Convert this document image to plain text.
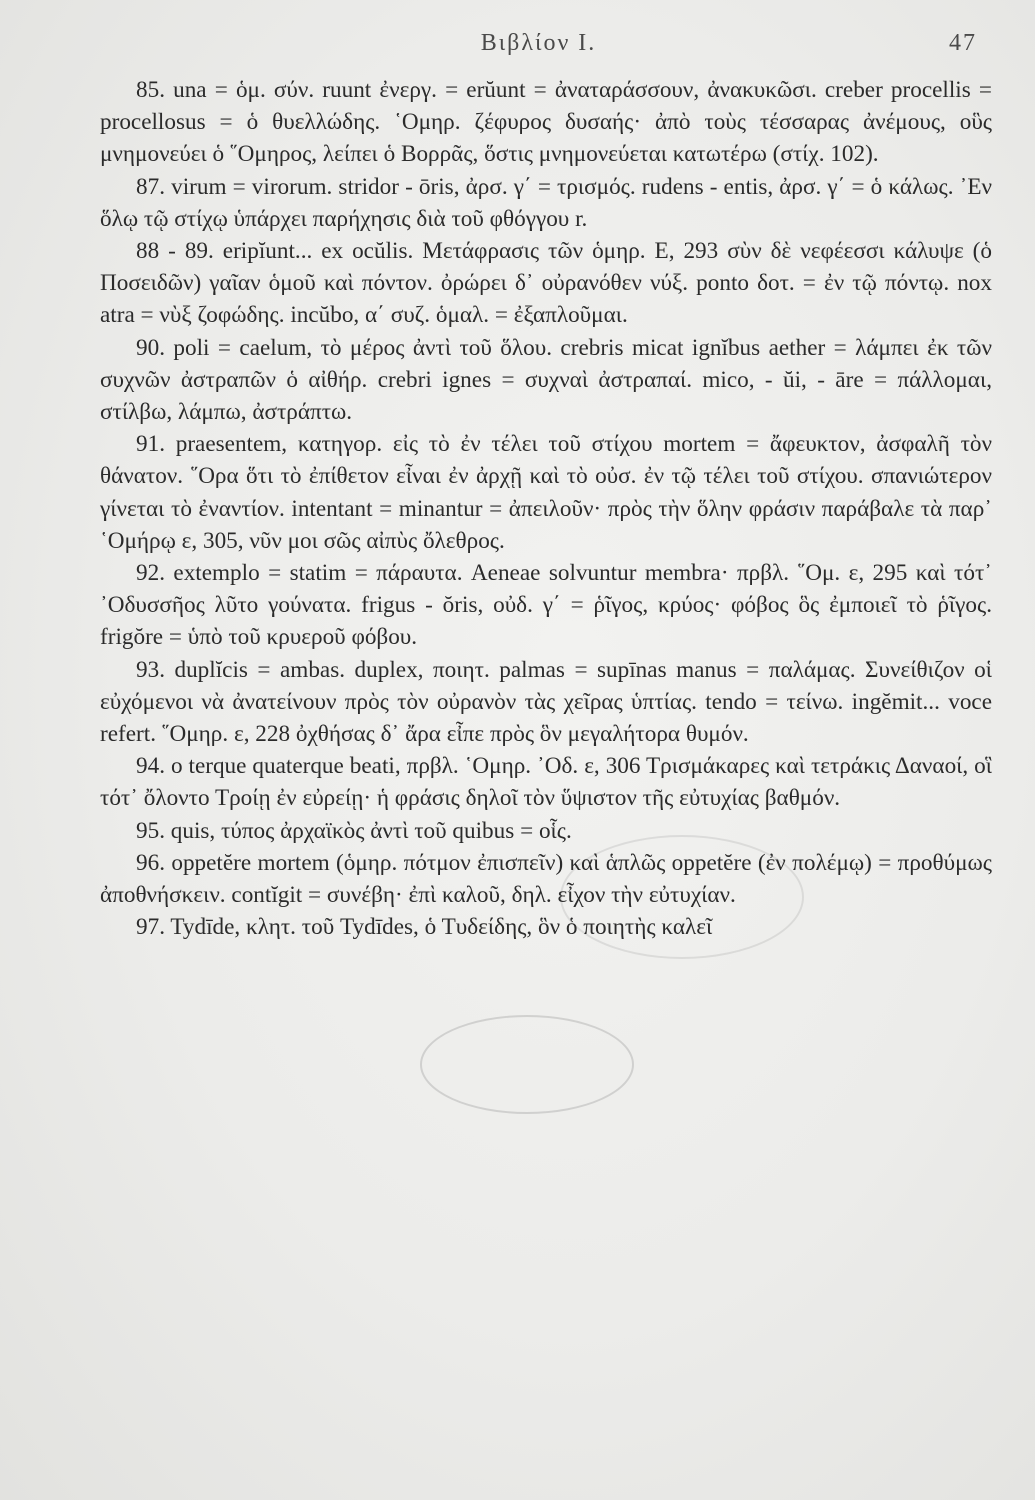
Βιβλίον Ι.	47

85. una = ὁμ. σύν. ruunt ἐνεργ. = erŭunt = ἀναταράσσουν, ἀνακυκῶσι. creber procellis = procellosus = ὁ θυελλώδης. ῾Ομηρ. ζέφυρος δυσαής· ἀπὸ τοὺς τέσσαρας ἀνέμους, οὓς μνημονεύει ὁ ῞Ομηρος, λείπει ὁ Βορρᾶς, ὅστις μνημονεύεται κατωτέρω (στίχ. 102).

87. virum = virorum. stridor - ōris, ἀρσ. γ΄ = τρισμός. rudens - entis, ἀρσ. γ΄ = ὁ κάλως. ᾿Εν ὅλῳ τῷ στίχῳ ὑπάρχει παρήχησις διὰ τοῦ φθόγγου r.

88 - 89. eripĭunt... ex ocŭlis. Μετάφρασις τῶν ὁμηρ. Ε, 293 σὺν δὲ νεφέεσσι κάλυψε (ὁ Ποσειδῶν) γαῖαν ὁμοῦ καὶ πόντον. ὀρώρει δ᾿ οὐρανόθεν νύξ. ponto δοτ. = ἐν τῷ πόντῳ. nox atra = νὺξ ζοφώδης. incŭbo, α΄ συζ. ὁμαλ. = ἐξαπλοῦμαι.

90. poli = caelum, τὸ μέρος ἀντὶ τοῦ ὅλου. crebris micat ignĭbus aether = λάμπει ἐκ τῶν συχνῶν ἀστραπῶν ὁ αἰθήρ. crebri ignes = συχναὶ ἀστραπαί. mico, - ŭi, - āre = πάλλομαι, στίλβω, λάμπω, ἀστράπτω.

91. praesentem, κατηγορ. εἰς τὸ ἐν τέλει τοῦ στίχου mortem = ἄφευκτον, ἀσφαλῆ τὸν θάνατον. ῞Ορα ὅτι τὸ ἐπίθετον εἶναι ἐν ἀρχῇ καὶ τὸ οὐσ. ἐν τῷ τέλει τοῦ στίχου. σπανιώτερον γίνεται τὸ ἐναντίον. intentant = minantur = ἀπειλοῦν· πρὸς τὴν ὅλην φράσιν παράβαλε τὰ παρ᾿ ῾Ομήρῳ ε, 305, νῦν μοι σῶς αἰπὺς ὄλεθρος.

92. extemplo = statim = πάραυτα. Aeneae solvuntur membra· πρβλ. ῞Ομ. ε, 295 καὶ τότ᾿ ᾿Οδυσσῆος λῦτο γούνατα. frigus - ŏris, οὐδ. γ΄ = ῥῖγος, κρύος· φόβος ὃς ἐμποιεῖ τὸ ῥῖγος. frigŏre = ὑπὸ τοῦ κρυεροῦ φόβου.

93. duplĭcis = ambas. duplex, ποιητ. palmas = supīnas manus = παλάμας. Συνείθιζον οἱ εὐχόμενοι νὰ ἀνατείνουν πρὸς τὸν οὐρανὸν τὰς χεῖρας ὑπτίας. tendo = τείνω. ingĕmit... voce refert. ῞Ομηρ. ε, 228 ὀχθήσας δ᾿ ἄρα εἶπε πρὸς ὃν μεγαλήτορα θυμόν.

94. o terque quaterque beati, πρβλ. ῾Ομηρ. ᾿Οδ. ε, 306 Τρισμάκαρες καὶ τετράκις Δαναοί, οἳ τότ᾿ ὄλοντο Τροίῃ ἐν εὐρείῃ· ἡ φράσις δηλοῖ τὸν ὕψιστον τῆς εὐτυχίας βαθμόν.

95. quis, τύπος ἀρχαϊκὸς ἀντὶ τοῦ quibus = οἷς.

96. oppetĕre mortem (ὁμηρ. πότμον ἐπισπεῖν) καὶ ἁπλῶς oppetĕre (ἐν πολέμῳ) = προθύμως ἀποθνήσκειν. contĭgit = συνέβη· ἐπὶ καλοῦ, δηλ. εἶχον τὴν εὐτυχίαν.

97. Tydīde, κλητ. τοῦ Tydīdes, ὁ Τυδείδης, ὃν ὁ ποιητὴς καλεῖ
